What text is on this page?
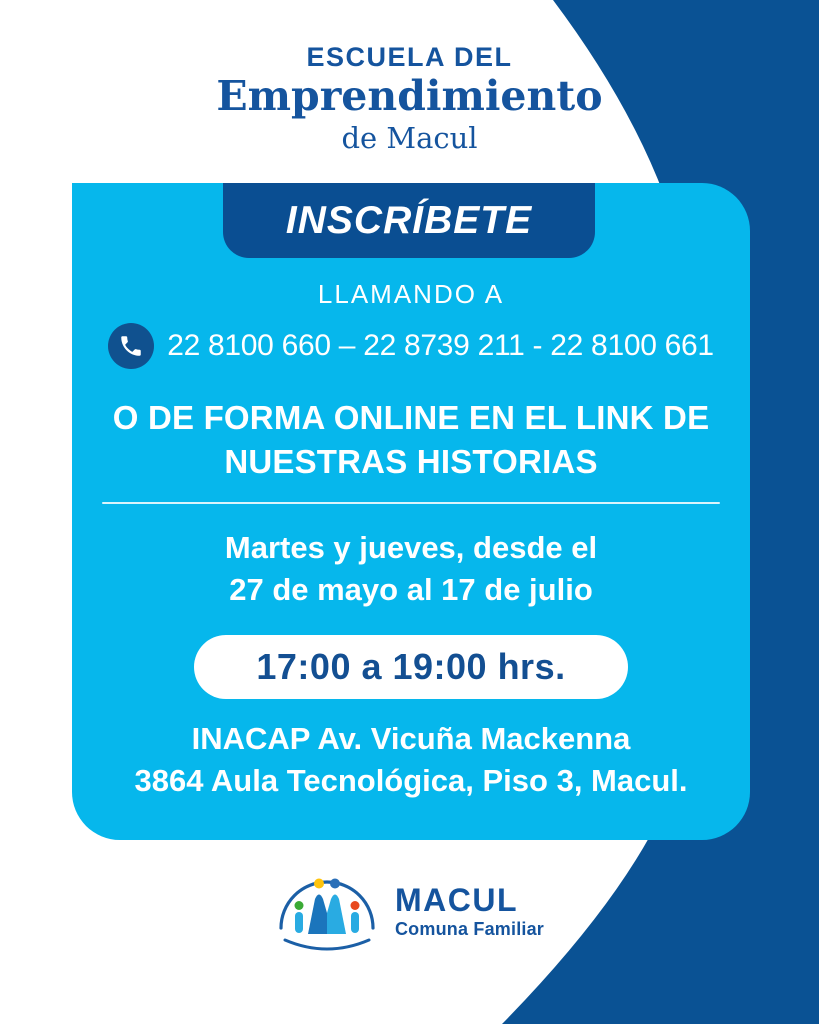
ESCUELA DEL
Emprendimiento
de Macul
INSCRÍBETE
LLAMANDO A
22 8100 660 – 22 8739 211 - 22 8100 661
O DE FORMA ONLINE EN EL LINK DE
NUESTRAS HISTORIAS
Martes y jueves, desde el
27 de mayo al 17 de julio
17:00 a 19:00 hrs.
INACAP Av. Vicuña Mackenna
3864 Aula Tecnológica, Piso 3, Macul.
MACUL
Comuna Familiar
